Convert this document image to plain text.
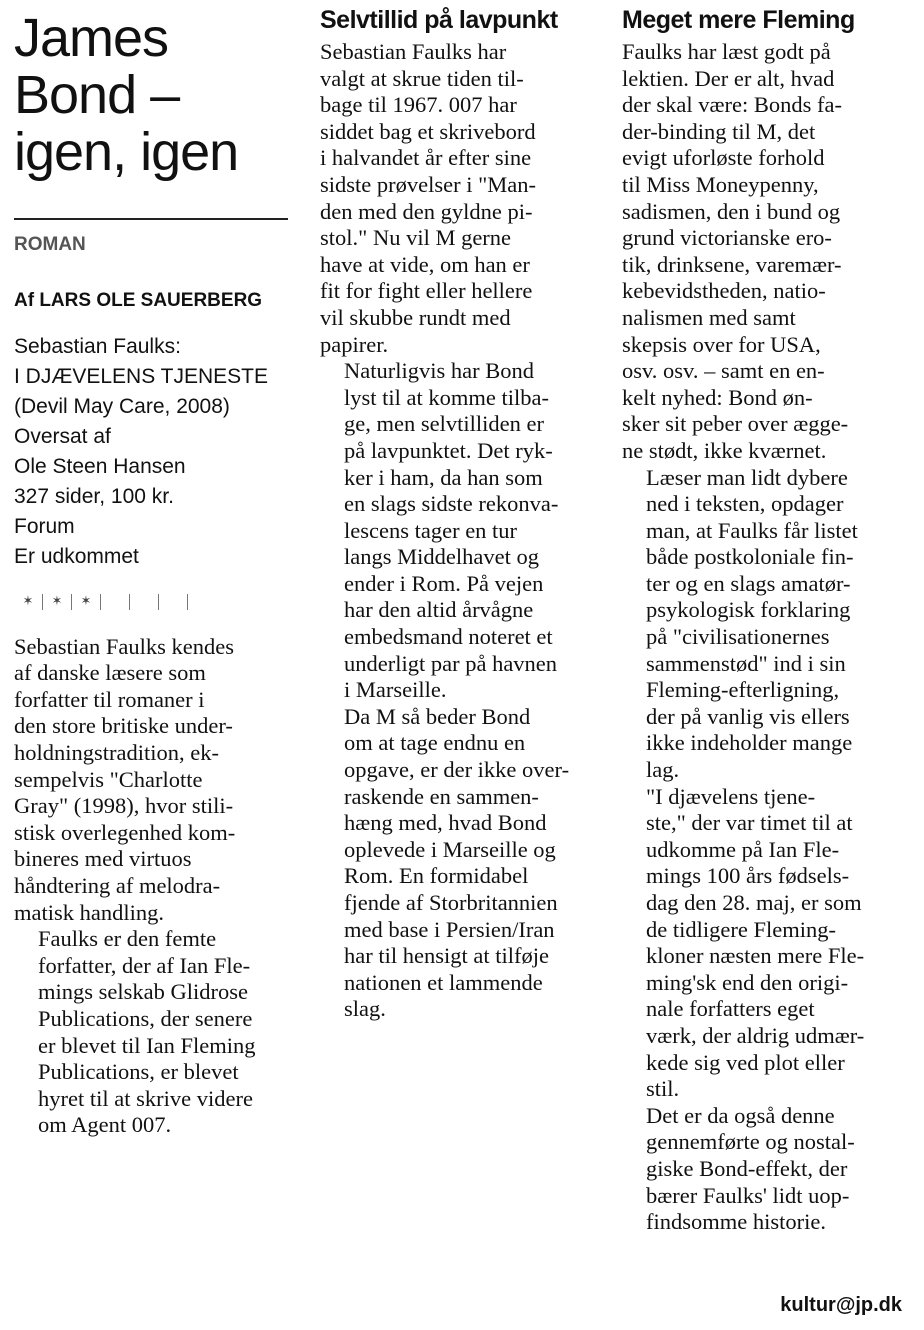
James
Bond –
igen, igen
ROMAN
Af LARS OLE SAUERBERG
Sebastian Faulks:
I DJÆVELENS TJENESTE
(Devil May Care, 2008)
Oversat af
Ole Steen Hansen
327 sider, 100 kr.
Forum
Er udkommet
✶	✶	✶

Sebastian Faulks kendes
af danske læsere som
forfatter til romaner i
den store britiske under-
holdningstradition, ek-
sempelvis "Charlotte
Gray" (1998), hvor stili-
stisk overlegenhed kom-
bineres med virtuos
håndtering af melodra-
matisk handling.

Faulks er den femte
forfatter, der af Ian Fle-
mings selskab Glidrose
Publications, der senere
er blevet til Ian Fleming
Publications, er blevet
hyret til at skrive videre
om Agent 007.

Selvtillid på lavpunkt

Sebastian Faulks har
valgt at skrue tiden til-
bage til 1967. 007 har
siddet bag et skrivebord
i halvandet år efter sine
sidste prøvelser i "Man-
den med den gyldne pi-
stol." Nu vil M gerne
have at vide, om han er
fit for fight eller hellere
vil skubbe rundt med
papirer.

Naturligvis har Bond
lyst til at komme tilba-
ge, men selvtilliden er
på lavpunktet. Det ryk-
ker i ham, da han som
en slags sidste rekonva-
lescens tager en tur
langs Middelhavet og
ender i Rom. På vejen
har den altid årvågne
embedsmand noteret et
underligt par på havnen
i Marseille.

Da M så beder Bond
om at tage endnu en
opgave, er der ikke over-
raskende en sammen-
hæng med, hvad Bond
oplevede i Marseille og
Rom. En formidabel
fjende af Storbritannien
med base i Persien/Iran
har til hensigt at tilføje
nationen et lammende
slag.

Meget mere Fleming

Faulks har læst godt på
lektien. Der er alt, hvad
der skal være: Bonds fa-
der-binding til M, det
evigt uforløste forhold
til Miss Moneypenny,
sadismen, den i bund og
grund victorianske ero-
tik, drinksene, varemær-
kebevidstheden, natio-
nalismen med samt
skepsis over for USA,
osv. osv. – samt en en-
kelt nyhed: Bond øn-
sker sit peber over ægge-
ne stødt, ikke kværnet.

Læser man lidt dybere
ned i teksten, opdager
man, at Faulks får listet
både postkoloniale fin-
ter og en slags amatør-
psykologisk forklaring
på "civilisationernes
sammenstød" ind i sin
Fleming-efterligning,
der på vanlig vis ellers
ikke indeholder mange
lag.

"I djævelens tjene-
ste," der var timet til at
udkomme på Ian Fle-
mings 100 års fødsels-
dag den 28. maj, er som
de tidligere Fleming-
kloner næsten mere Fle-
ming'sk end den origi-
nale forfatters eget
værk, der aldrig udmær-
kede sig ved plot eller
stil.

Det er da også denne
gennemførte og nostal-
giske Bond-effekt, der
bærer Faulks' lidt uop-
findsomme historie.

kultur@jp.dk
